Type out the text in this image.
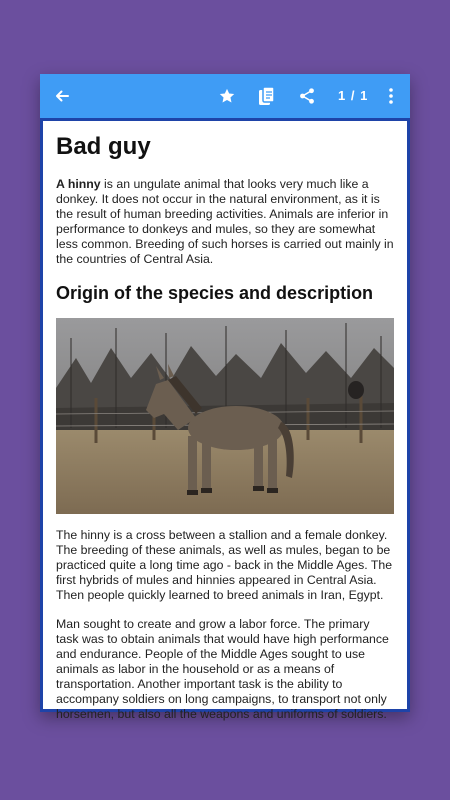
1 / 1
Bad guy

A hinny is an ungulate animal that looks very much like a donkey. It does not occur in the natural environment, as it is the result of human breeding activities. Animals are inferior in performance to donkeys and mules, so they are somewhat less common. Breeding of such horses is carried out mainly in the countries of Central Asia.

Origin of the species and description

The hinny is a cross between a stallion and a female donkey. The breeding of these animals, as well as mules, began to be practiced quite a long time ago - back in the Middle Ages. The first hybrids of mules and hinnies appeared in Central Asia. Then people quickly learned to breed animals in Iran, Egypt.

Man sought to create and grow a labor force. The primary task was to obtain animals that would have high performance and endurance. People of the Middle Ages sought to use animals as labor in the household or as a means of transportation. Another important task is the ability to accompany soldiers on long campaigns, to transport not only horsemen, but also all the weapons and uniforms of soldiers.
